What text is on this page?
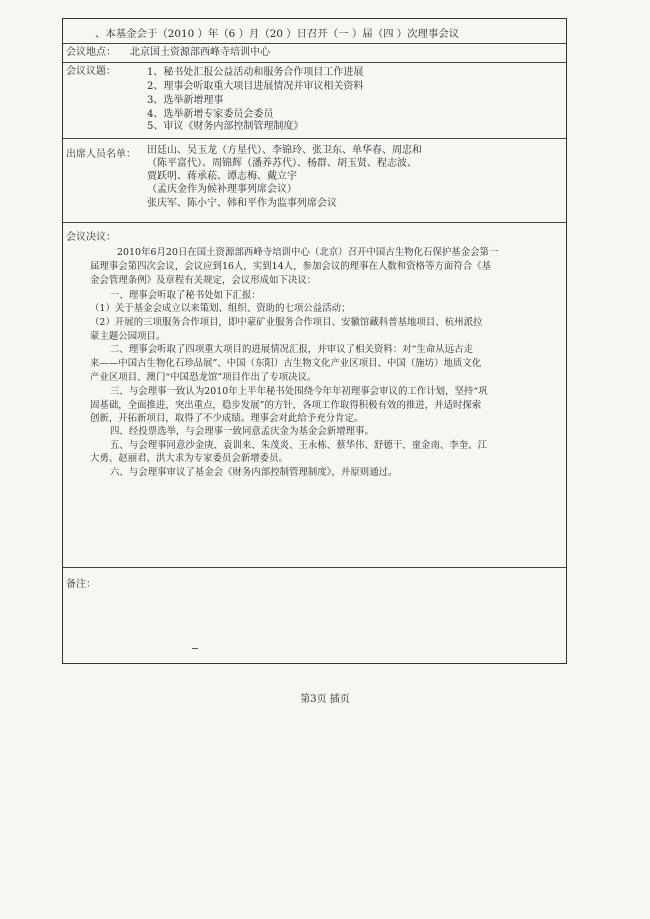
、本基金会于（2010 ）年（6 ）月（20 ）日召开（一 ）届（四 ）次理事会议
会议地点： 北京国土资源部西峰寺培训中心
会议议题：	1、秘书处汇报公益活动和服务合作项目工作进展
2、理事会听取重大项目进展情况并审议相关资料
3、选举新增理事
4、选举新增专家委员会委员
5、审议《财务内部控制管理制度》
出席人员名单： 田廷山、吴玉龙（方星代）、李锦玲、张卫东、单华春、周忠和
（陈平富代）、周锦辉（潘养苏代）、杨群、胡玉贤、程志波、
贾跃明、蒋承菘、谭志梅、戴立宇
（孟庆金作为候补理事列席会议）
张庆军、陈小宁、韩和平作为监事列席会议
会议决议：
2010年6月20日在国土资源部西峰寺培训中心（北京）召开中国古生物化石保护基金会第一
届理事会第四次会议，会议应到16人，实到14人，参加会议的理事在人数和资格等方面符合《基
金会管理条例》及章程有关规定，会议形成如下决议：
一、理事会听取了秘书处如下汇报：
（1）关于基金会成立以来策划、组织、资助的七项公益活动；
（2）开展的三项服务合作项目，即中蒙矿业服务合作项目、安徽馆藏科普基地项目、杭州派拉
蒙主题公园项目。
二、理事会听取了四项重大项目的进展情况汇报，并审议了相关资料：对“生命从远古走
来——中国古生物化石珍品展”、中国（东阳）古生物文化产业区项目、中国（施坊）地质文化
产业区项目、澳门“中国恐龙馆”项目作出了专项决议。
三、与会理事一致认为2010年上半年秘书处围绕今年年初理事会审议的工作计划，坚持“巩
固基础，全面推进，突出重点，稳步发展”的方针，各项工作取得积极有效的推进，并适时探索
创新，开拓新项目，取得了不少成绩。理事会对此给予充分肯定。
四、经投票选举，与会理事一致同意孟庆金为基金会新增理事。
五、与会理事同意沙金庚、袁训来、朱茂炎、王永栋、蔡华伟、舒德干、童金南、李奎、江
大勇、赵丽君、洪大求为专家委员会新增委员。
六、与会理事审议了基金会《财务内部控制管理制度》，并原则通过。
备注：
第3页 插页
